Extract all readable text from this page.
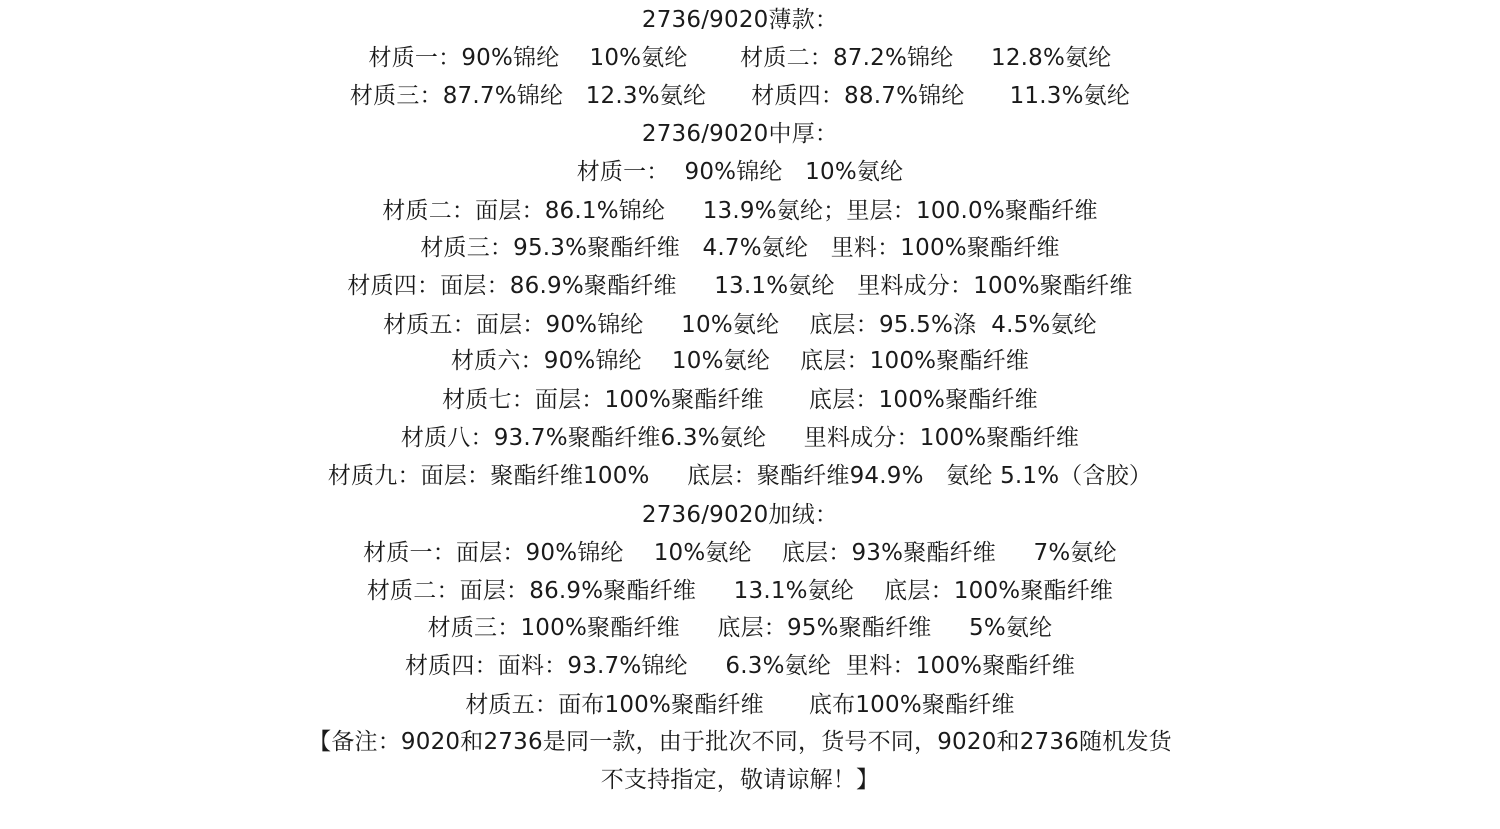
2736/9020薄款：
材质一：90%锦纶    10%氨纶       材质二：87.2%锦纶     12.8%氨纶
材质三：87.7%锦纶   12.3%氨纶      材质四：88.7%锦纶      11.3%氨纶
2736/9020中厚：
材质一：  90%锦纶   10%氨纶
材质二：面层：86.1%锦纶     13.9%氨纶；里层：100.0%聚酯纤维
材质三：95.3%聚酯纤维   4.7%氨纶   里料：100%聚酯纤维
材质四：面层：86.9%聚酯纤维     13.1%氨纶   里料成分：100%聚酯纤维
材质五：面层：90%锦纶     10%氨纶    底层：95.5%涤  4.5%氨纶
材质六：90%锦纶    10%氨纶    底层：100%聚酯纤维
材质七：面层：100%聚酯纤维      底层：100%聚酯纤维
材质八：93.7%聚酯纤维6.3%氨纶     里料成分：100%聚酯纤维
材质九：面层：聚酯纤维100%     底层：聚酯纤维94.9%   氨纶 5.1%（含胶）
2736/9020加绒：
材质一：面层：90%锦纶    10%氨纶    底层：93%聚酯纤维     7%氨纶
材质二：面层：86.9%聚酯纤维     13.1%氨纶    底层：100%聚酯纤维
材质三：100%聚酯纤维     底层：95%聚酯纤维     5%氨纶
材质四：面料：93.7%锦纶     6.3%氨纶  里料：100%聚酯纤维
材质五：面布100%聚酯纤维      底布100%聚酯纤维
【备注：9020和2736是同一款，由于批次不同，货号不同，9020和2736随机发货
不支持指定，敬请谅解！】
